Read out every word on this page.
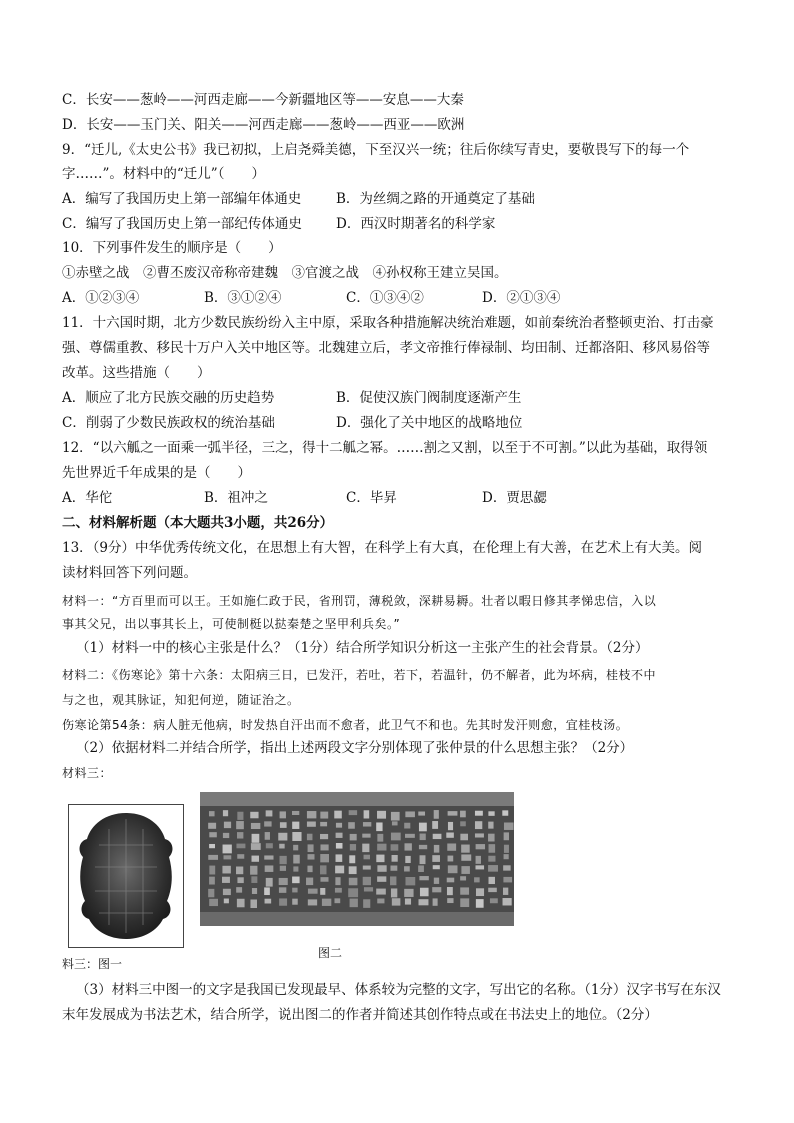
C．长安——葱岭——河西走廊——今新疆地区等——安息——大秦
D．长安——玉门关、阳关——河西走廊——葱岭——西亚——欧洲
9．“迁儿,《太史公书》我已初拟，上启尧舜美德，下至汉兴一统；往后你续写青史，要敬畏写下的每一个
字……”。材料中的“迁儿”（　　）
10．下列事件发生的顺序是（　　）
①赤壁之战　②曹丕废汉帝称帝建魏　③官渡之战　④孙权称王建立吴国。
11．十六国时期，北方少数民族纷纷入主中原，采取各种措施解决统治难题，如前秦统治者整顿吏治、打击豪
强、尊儒重教、移民十万户入关中地区等。北魏建立后，孝文帝推行俸禄制、均田制、迁都洛阳、移风易俗等
改革。这些措施（　　）
12．“以六觚之一面乘一弧半径，三之，得十二觚之幂。……割之又割，以至于不可割。”以此为基础，取得领
先世界近千年成果的是（　　）
二、材料解析题（本大题共3小题，共26分）
13．（9分）中华优秀传统文化，在思想上有大智，在科学上有大真，在伦理上有大善，在艺术上有大美。阅
读材料回答下列问题。
材料一：“方百里而可以王。王如施仁政于民，省刑罚，薄税敛，深耕易耨。壮者以暇日修其孝悌忠信，入以
事其父兄，出以事其长上，可使制梃以挞秦楚之坚甲利兵矣。”
（1）材料一中的核心主张是什么？（1分）结合所学知识分析这一主张产生的社会背景。（2分）
材料二：《伤寒论》第十六条：太阳病三日，已发汗，若吐，若下，若温针，仍不解者，此为坏病，桂枝不中
与之也，观其脉证，知犯何逆，随证治之。
伤寒论第54条：病人脏无他病，时发热自汗出而不愈者，此卫气不和也。先其时发汗则愈，宜桂枝汤。
（2）依据材料二并结合所学，指出上述两段文字分别体现了张仲景的什么思想主张？（2分）
材料三：
（3）材料三中图一的文字是我国已发现最早、体系较为完整的文字，写出它的名称。（1分）汉字书写在东汉
末年发展成为书法艺术，结合所学，说出图二的作者并简述其创作特点或在书法史上的地位。（2分）
A．编写了我国历史上第一部编年体通史	B．为丝绸之路的开通奠定了基础
C．编写了我国历史上第一部纪传体通史	D．西汉时期著名的科学家
A．①②③④	B．③①②④	C．①③④②	D．②①③④
A．顺应了北方民族交融的历史趋势	B．促使汉族门阀制度逐渐产生
C．削弱了少数民族政权的统治基础	D．强化了关中地区的战略地位
A．华佗	B．祖冲之	C．毕昇	D．贾思勰
图二
料三：图一
